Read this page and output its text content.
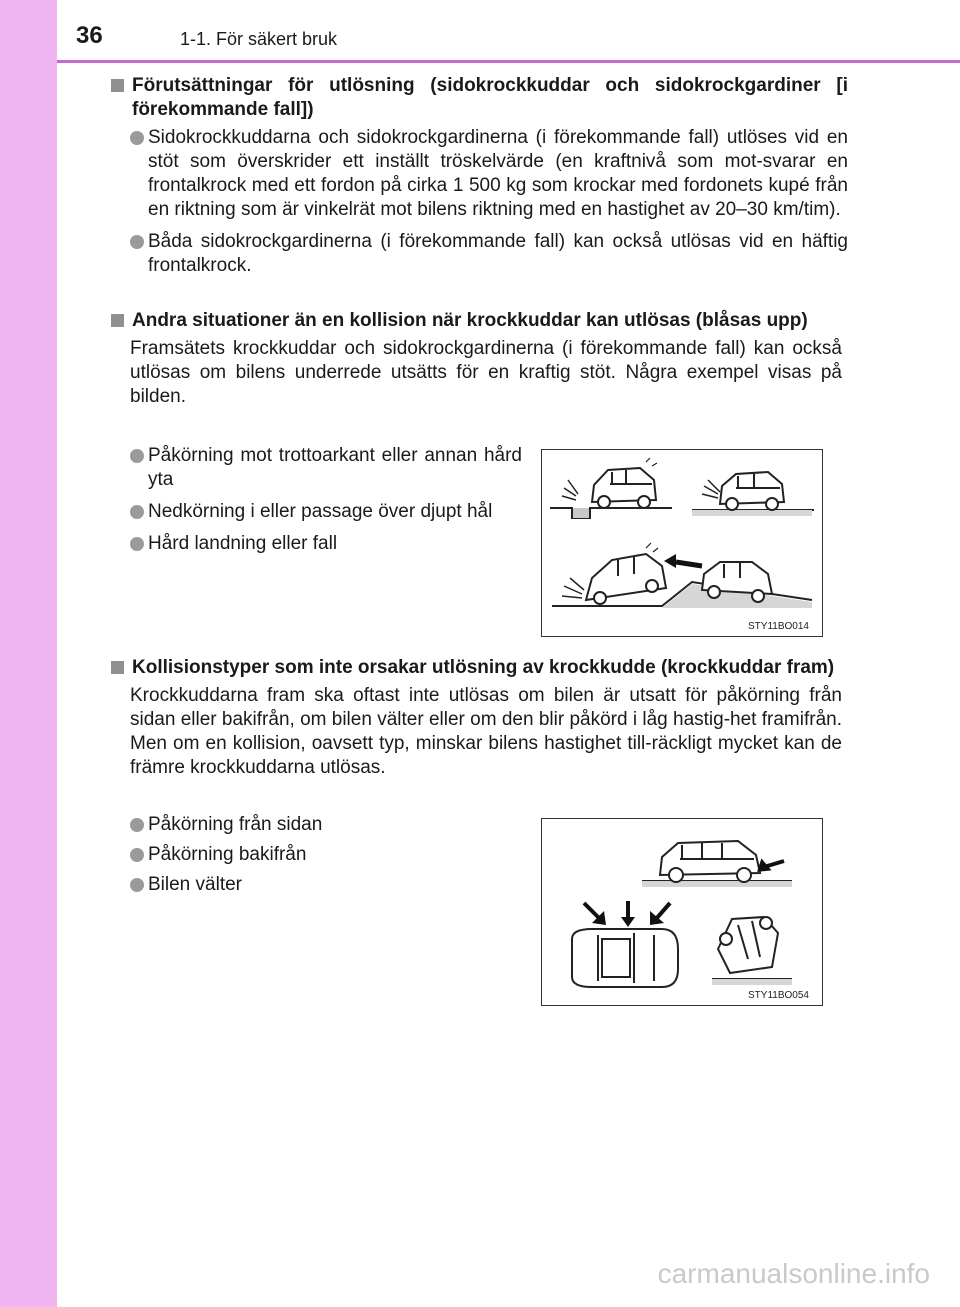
36	1-1. För säkert bruk
Förutsättningar för utlösning (sidokrockkuddar och sidokrockgardiner [i förekommande fall])
Sidokrockkuddarna och sidokrockgardinerna (i förekommande fall) utlöses vid en stöt som överskrider ett inställt tröskelvärde (en kraftnivå som mot-svarar en frontalkrock med ett fordon på cirka 1 500 kg som krockar med fordonets kupé från en riktning som är vinkelrät mot bilens riktning med en hastighet av 20–30 km/tim).
Båda sidokrockgardinerna (i förekommande fall) kan också utlösas vid en häftig frontalkrock.
Andra situationer än en kollision när krockkuddar kan utlösas (blåsas upp)
Framsätets krockkuddar och sidokrockgardinerna (i förekommande fall) kan också utlösas om bilens underrede utsätts för en kraftig stöt. Några exempel visas på bilden.
Påkörning mot trottoarkant eller annan hård yta
Nedkörning i eller passage över djupt hål
Hård landning eller fall
STY11BO014
Kollisionstyper som inte orsakar utlösning av krockkudde (krockkuddar fram)
Krockkuddarna fram ska oftast inte utlösas om bilen är utsatt för påkörning från sidan eller bakifrån, om bilen välter eller om den blir påkörd i låg hastig-het framifrån. Men om en kollision, oavsett typ, minskar bilens hastighet till-räckligt mycket kan de främre krockkuddarna utlösas.
Påkörning från sidan
Påkörning bakifrån
Bilen välter
STY11BO054
carmanualsonline.info
